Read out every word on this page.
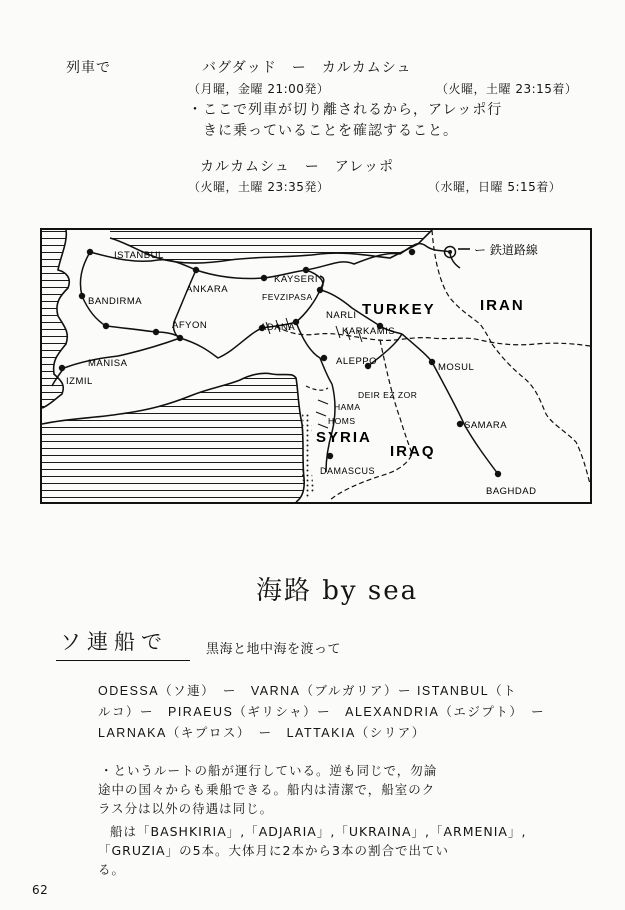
列車で	バグダッド　ー　カルカムシュ
（月曜，金曜 21:00発）	（火曜，土曜 23:15着）
・ここで列車が切り離されるから，アレッポ行
きに乗っていることを確認すること。
カルカムシュ　ー　アレッポ
（火曜，土曜 23:35発）	（水曜，日曜 5:15着）
ー 鉄道路線
TURKEY	IRAN
SYRIA
IRAQ
ISTANBUL
BANDIRMA
ANKARA
KAYSERI
FEVZIPASA
AFYON	ADANA
NARLI
KARKAMIS
MANISA
IZMIL
ALEPPO
MOSUL
DEIR EZ ZOR
HAMA
HOMS	SAMARA
DAMASCUS
BAGHDAD
海路 by sea
ソ連船で	黒海と地中海を渡って
ODESSA（ソ連）　ー　VARNA（ブルガリア）ー ISTANBUL（ト
ルコ）ー　PIRAEUS（ギリシャ）ー　ALEXANDRIA（エジプト）　ー
LARNAKA（キプロス）　ー　LATTAKIA（シリア）
・というルートの船が運行している。逆も同じで，勿論
途中の国々からも乗船できる。船内は清潔で，船室のク
ラス分は以外の待遇は同じ。
船は「BASHKIRIA」,「ADJARIA」,「UKRAINA」,「ARMENIA」,
「GRUZIA」の5本。大体月に2本から3本の割合で出てい
る。
62
